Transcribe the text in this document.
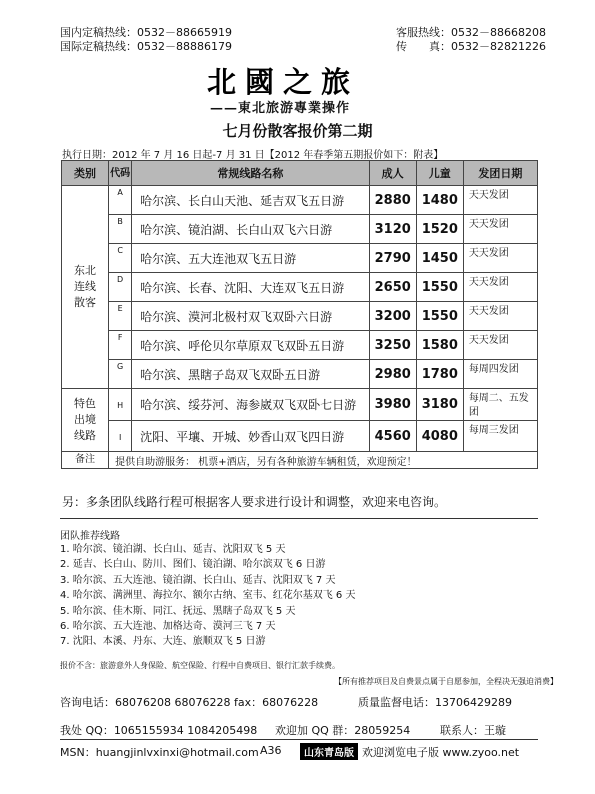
国内定稿热线：0532－88665919
国际定稿热线：0532－88886179
客服热线：0532－88668208
传　　真：0532－82821226
北國之旅
——東北旅游專業操作
七月份散客报价第二期
执行日期：2012 年 7 月 16 日起-7 月 31 日【2012 年春季第五期报价如下：附表】
类别	代码	常规线路名称	成人	儿童	发团日期

东北连线散客	A	哈尔滨、长白山天池、延吉双飞五日游	2880	1480	天天发团
	B	哈尔滨、镜泊湖、长白山双飞六日游	3120	1520	天天发团
	C	哈尔滨、五大连池双飞五日游	2790	1450	天天发团
	D	哈尔滨、长春、沈阳、大连双飞五日游	2650	1550	天天发团
	E	哈尔滨、漠河北极村双飞双卧六日游	3200	1550	天天发团
	F	哈尔滨、呼伦贝尔草原双飞双卧五日游	3250	1580	天天发团
	G	哈尔滨、黑瞎子岛双飞双卧五日游	2980	1780	每周四发团

特色出境线路	H	哈尔滨、绥芬河、海参崴双飞双卧七日游	3980	3180	每周二、五发团
	I	沈阳、平壤、开城、妙香山双飞四日游	4560	4080	每周三发团
备注	提供自助游服务： 机票+酒店，另有各种旅游车辆租赁，欢迎预定！				
另：多条团队线路行程可根据客人要求进行设计和调整，欢迎来电咨询。
团队推荐线路
1. 哈尔滨、镜泊湖、长白山、延吉、沈阳双飞 5 天
2. 延吉、长白山、防川、图们、镜泊湖、哈尔滨双飞 6 日游
3. 哈尔滨、五大连池、镜泊湖、长白山、延吉、沈阳双飞 7 天
4. 哈尔滨、满洲里、海拉尔、额尔古纳、室韦、红花尔基双飞 6 天
5. 哈尔滨、佳木斯、同江、抚远、黑瞎子岛双飞 5 天
6. 哈尔滨、五大连池、加格达奇、漠河三飞 7 天
7. 沈阳、本溪、丹东、大连、旅顺双飞 5 日游
报价不含：旅游意外人身保险、航空保险、行程中自费项目、银行汇款手续费。
【所有推荐项目及自费景点属于自愿参加，全程决无强迫消费】
咨询电话：68076208 68076228 fax：68076228	质量监督电话：13706429289
我处 QQ：1065155934 1084205498 欢迎加 QQ 群：28059254	联系人：王璇
MSN：huangjinlvxinxi@hotmail.com A36	山东青岛版 欢迎浏览电子版 www.zyoo.net
